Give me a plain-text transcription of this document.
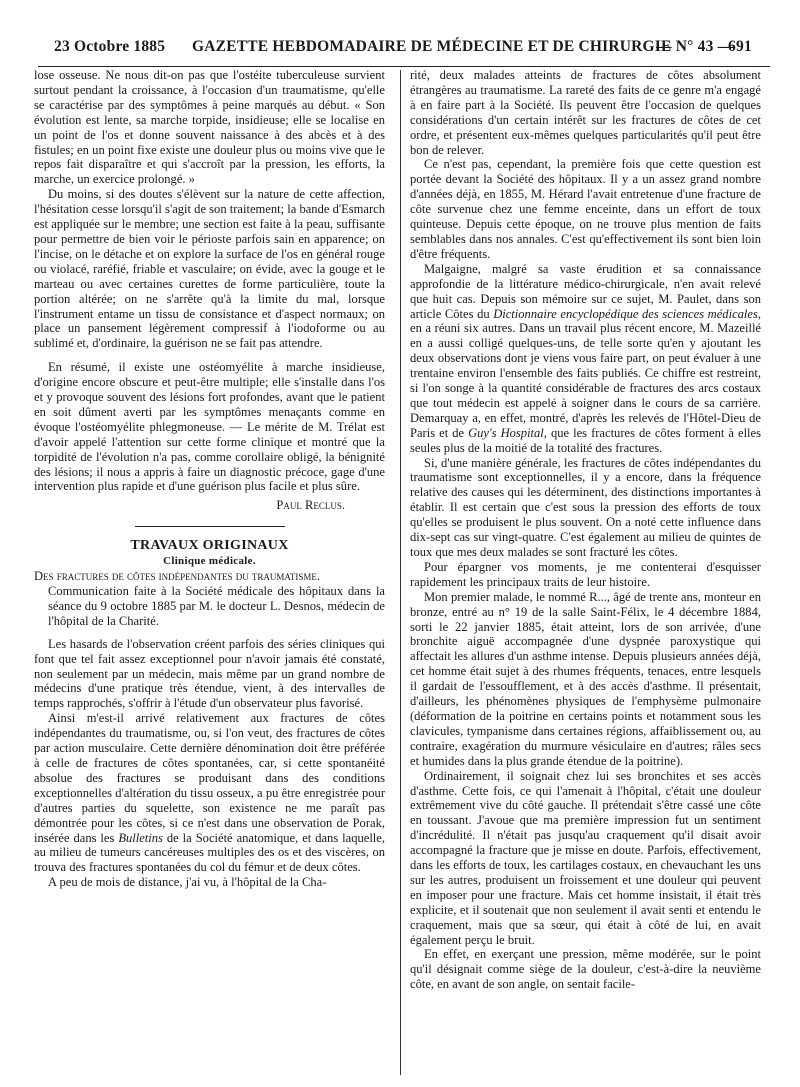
23 Octobre 1885 GAZETTE HEBDOMADAIRE DE MÉDECINE ET DE CHIRURGIE
— N° 43 —
691

lose osseuse. Ne nous dit-on pas que l'ostéite tuberculeuse survient surtout pendant la croissance, à l'occasion d'un traumatisme, qu'elle se caractérise par des symptômes à peine marqués au début. « Son évolution est lente, sa marche torpide, insidieuse; elle se localise en un point de l'os et donne souvent naissance à des abcès et à des fistules; en un point fixe existe une douleur plus ou moins vive que le repos fait disparaître et qui s'accroît par la pression, les efforts, la marche, un exercice prolongé. »

Du moins, si des doutes s'élèvent sur la nature de cette affection, l'hésitation cesse lorsqu'il s'agit de son traitement; la bande d'Esmarch est appliquée sur le membre; une section est faite à la peau, suffisante pour permettre de bien voir le périoste parfois sain en apparence; on l'incise, on le détache et on explore la surface de l'os en général rouge ou violacé, raréfié, friable et vasculaire; on évide, avec la gouge et le marteau ou avec certaines curettes de forme particulière, toute la portion altérée; on ne s'arrête qu'à la limite du mal, lorsque l'instrument entame un tissu de consistance et d'aspect normaux; on place un pansement légèrement compressif à l'iodoforme ou au sublimé et, d'ordinaire, la guérison ne se fait pas attendre.

En résumé, il existe une ostéomyélite à marche insidieuse, d'origine encore obscure et peut-être multiple; elle s'installe dans l'os et y provoque souvent des lésions fort profondes, avant que le patient en soit dûment averti par les symptômes menaçants comme en évoque l'ostéomyélite phlegmoneuse. — Le mérite de M. Trélat est d'avoir appelé l'attention sur cette forme clinique et montré que la torpidité de l'évolution n'a pas, comme corollaire obligé, la bénignité des lésions; il nous a appris à faire un diagnostic précoce, gage d'une intervention plus rapide et d'une guérison plus facile et plus sûre.

Paul Reclus.

TRAVAUX ORIGINAUX

Clinique médicale.

Des fractures de côtes indépendantes du traumatisme.
Communication faite à la Société médicale des hôpitaux dans la séance du 9 octobre 1885 par M. le docteur L. Desnos, médecin de l'hôpital de la Charité.

Les hasards de l'observation créent parfois des séries cliniques qui font que tel fait assez exceptionnel pour n'avoir jamais été constaté, non seulement par un médecin, mais même par un grand nombre de médecins d'une pratique très étendue, vient, à des intervalles de temps rapprochés, s'offrir à l'étude d'un observateur plus favorisé.

Ainsi m'est-il arrivé relativement aux fractures de côtes indépendantes du traumatisme, ou, si l'on veut, des fractures de côtes par action musculaire. Cette dernière dénomination doit être préférée à celle de fractures de côtes spontanées, car, si cette spontanéité absolue des fractures se produisant dans des conditions exceptionnelles d'altération du tissu osseux, a pu être enregistrée pour d'autres parties du squelette, son existence ne me paraît pas démontrée pour les côtes, si ce n'est dans une observation de Porak, insérée dans les Bulletins de la Société anatomique, et dans laquelle, au milieu de tumeurs cancéreuses multiples des os et des viscères, on trouva des fractures spontanées du col du fémur et de deux côtes.

A peu de mois de distance, j'ai vu, à l'hôpital de la Cha-

rité, deux malades atteints de fractures de côtes absolument étrangères au traumatisme. La rareté des faits de ce genre m'a engagé à en faire part à la Société. Ils peuvent être l'occasion de quelques considérations d'un certain intérêt sur les fractures de côtes de cet ordre, et présentent eux-mêmes quelques particularités qu'il peut être bon de relever.

Ce n'est pas, cependant, la première fois que cette question est portée devant la Société des hôpitaux. Il y a un assez grand nombre d'années déjà, en 1855, M. Hérard l'avait entretenue d'une fracture de côte survenue chez une femme enceinte, dans un effort de toux quinteuse. Depuis cette époque, on ne trouve plus mention de faits semblables dans nos annales. C'est qu'effectivement ils sont bien loin d'être fréquents.

Malgaigne, malgré sa vaste érudition et sa connaissance approfondie de la littérature médico-chirurgicale, n'en avait relevé que huit cas. Depuis son mémoire sur ce sujet, M. Paulet, dans son article Côtes du Dictionnaire encyclopédique des sciences médicales, en a réuni six autres. Dans un travail plus récent encore, M. Mazeillé en a aussi colligé quelques-uns, de telle sorte qu'en y ajoutant les deux observations dont je viens vous faire part, on peut évaluer à une trentaine environ l'ensemble des faits publiés. Ce chiffre est restreint, si l'on songe à la quantité considérable de fractures des arcs costaux que tout médecin est appelé à soigner dans le cours de sa carrière. Demarquay a, en effet, montré, d'après les relevés de l'Hôtel-Dieu de Paris et de Guy's Hospital, que les fractures de côtes forment à elles seules plus de la moitié de la totalité des fractures.

Si, d'une manière générale, les fractures de côtes indépendantes du traumatisme sont exceptionnelles, il y a encore, dans la fréquence relative des causes qui les déterminent, des distinctions importantes à établir. Il est certain que c'est sous la pression des efforts de toux qu'elles se produisent le plus souvent. On a noté cette influence dans dix-sept cas sur vingt-quatre. C'est également au milieu de quintes de toux que mes deux malades se sont fracturé les côtes.

Pour épargner vos moments, je me contenterai d'esquisser rapidement les principaux traits de leur histoire.

Mon premier malade, le nommé R..., âgé de trente ans, monteur en bronze, entré au n° 19 de la salle Saint-Félix, le 4 décembre 1884, sorti le 22 janvier 1885, était atteint, lors de son arrivée, d'une bronchite aiguë accompagnée d'une dyspnée paroxystique qui affectait les allures d'un asthme intense. Depuis plusieurs années déjà, cet homme était sujet à des rhumes fréquents, tenaces, entre lesquels il gardait de l'essoufflement, et à des accès d'asthme. Il présentait, d'ailleurs, les phénomènes physiques de l'emphysème pulmonaire (déformation de la poitrine en certains points et notamment sous les clavicules, tympanisme dans certaines régions, affaiblissement ou, au contraire, exagération du murmure vésiculaire en d'autres; râles secs et humides dans la plus grande étendue de la poitrine).

Ordinairement, il soignait chez lui ses bronchites et ses accès d'asthme. Cette fois, ce qui l'amenait à l'hôpital, c'était une douleur extrêmement vive du côté gauche. Il prétendait s'être cassé une côte en toussant. J'avoue que ma première impression fut un sentiment d'incrédulité. Il n'était pas jusqu'au craquement qu'il disait avoir accompagné la fracture que je misse en doute. Parfois, effectivement, dans les efforts de toux, les cartilages costaux, en chevauchant les uns sur les autres, produisent un froissement et une douleur qui peuvent en imposer pour une fracture. Mais cet homme insistait, il était très explicite, et il soutenait que non seulement il avait senti et entendu le craquement, mais que sa sœur, qui était à côté de lui, en avait également perçu le bruit.

En effet, en exerçant une pression, même modérée, sur le point qu'il désignait comme siège de la douleur, c'est-à-dire la neuvième côte, en avant de son angle, on sentait facile-
